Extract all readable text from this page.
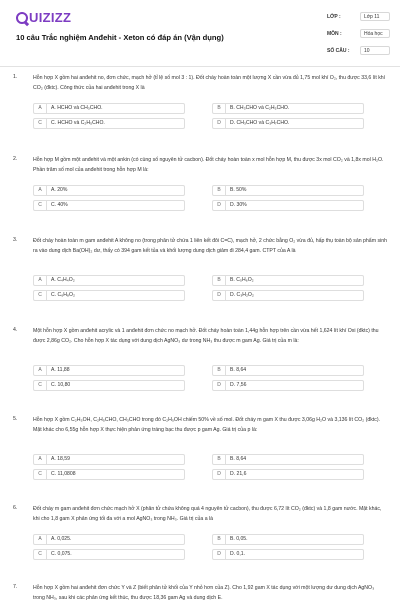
UIZIZZ
10 câu Trắc nghiệm Anđehit - Xeton có đáp án (Vận dụng)
LỚP :	Lớp 11
MÔN :	Hóa học
SỐ CÂU :	10
1.	Hỗn hợp X gồm hai anđehit no, đơn chức, mạch hở (tỉ lệ số mol 3 : 1). Đốt cháy hoàn toàn một lượng X cần vừa đủ 1,75 mol khí O₂, thu được 33,6 lít khí CO₂ (đktc). Công thức của hai anđehit trong X là
A	A. HCHO và CH₃CHO.	B	B. CH₃CHO và C₂H₅CHO.
C	C. HCHO và C₂H₅CHO.	D	D. CH₃CHO và C₃H₇CHO.
2.	Hỗn hợp M gồm một anđehit và một ankin (có cùng số nguyên tử cacbon). Đốt cháy hoàn toàn x mol hỗn hợp M, thu được 3x mol CO₂ và 1,8x mol H₂O. Phần trăm số mol của anđehit trong hỗn hợp M là:
A	A. 20%	B	B. 50%
C	C. 40%	D	D. 30%
3.	Đốt cháy hoàn toàn m gam anđehit A không no (trong phân tử chứa 1 liên kết đôi C=C), mạch hở, 2 chức bằng O₂ vừa đủ, hấp thụ toàn bộ sản phẩm sinh ra vào dung dịch Ba(OH)₂ dư, thấy có 394 gam kết tủa và khối lượng dung dịch giảm đi 284,4 gam. CTPT của A là
A	A. C₄H₄O₂	B	B. C₅H₆O₂
C	C. C₆H₈O₂	D	D. C₃H₂O₂
4.	Một hỗn hợp X gồm anđehit acrylic và 1 anđehit đơn chức no mạch hở. Đốt cháy hoàn toàn 1,44g hỗn hợp trên cần vừa hết 1,624 lít khí Oxi (đktc) thu được 2,86g CO₂. Cho hỗn hợp X tác dụng với dung dịch AgNO₃ dư trong NH₃ thu được m gam Ag. Giá trị của m là:
A	A. 11,88	B	B. 8,64
C	C. 10,80	D	D. 7,56
5.	Hỗn hợp X gồm C₂H₅OH, C₂H₅CHO, CH₃CHO trong đó C₂H₅OH chiếm 50% về số mol. Đốt cháy m gam X thu được 3,06g H₂O và 3,136 lít CO₂ (đktc). Mặt khác cho 6,55g hỗn hợp X thực hiện phản ứng tráng bạc thu được p gam Ag. Giá trị của p là:
A	A. 18,59	B	B. 8,64
C	C. 11,0808	D	D. 21,6
6.	Đốt cháy m gam anđehit đơn chức mạch hở X (phân tử chứa không quá 4 nguyên tử cacbon), thu được 6,72 lít CO₂ (đktc) và 1,8 gam nước. Mặt khác, khi cho 1,8 gam X phản ứng tối đa với a mol AgNO₃ trong NH₃. Giá trị của a là
A	A. 0,025.	B	B. 0,05.
C	C. 0,075.	D	D. 0,1.
7.	Hỗn hợp X gồm hai anđehit đơn chức Y và Z (biết phân tử khối của Y nhỏ hơn của Z). Cho 1,92 gam X tác dụng với một lượng dư dung dịch AgNO₃ trong NH₃, sau khi các phản ứng kết thúc, thu được 18,36 gam Ag và dung dịch E.
